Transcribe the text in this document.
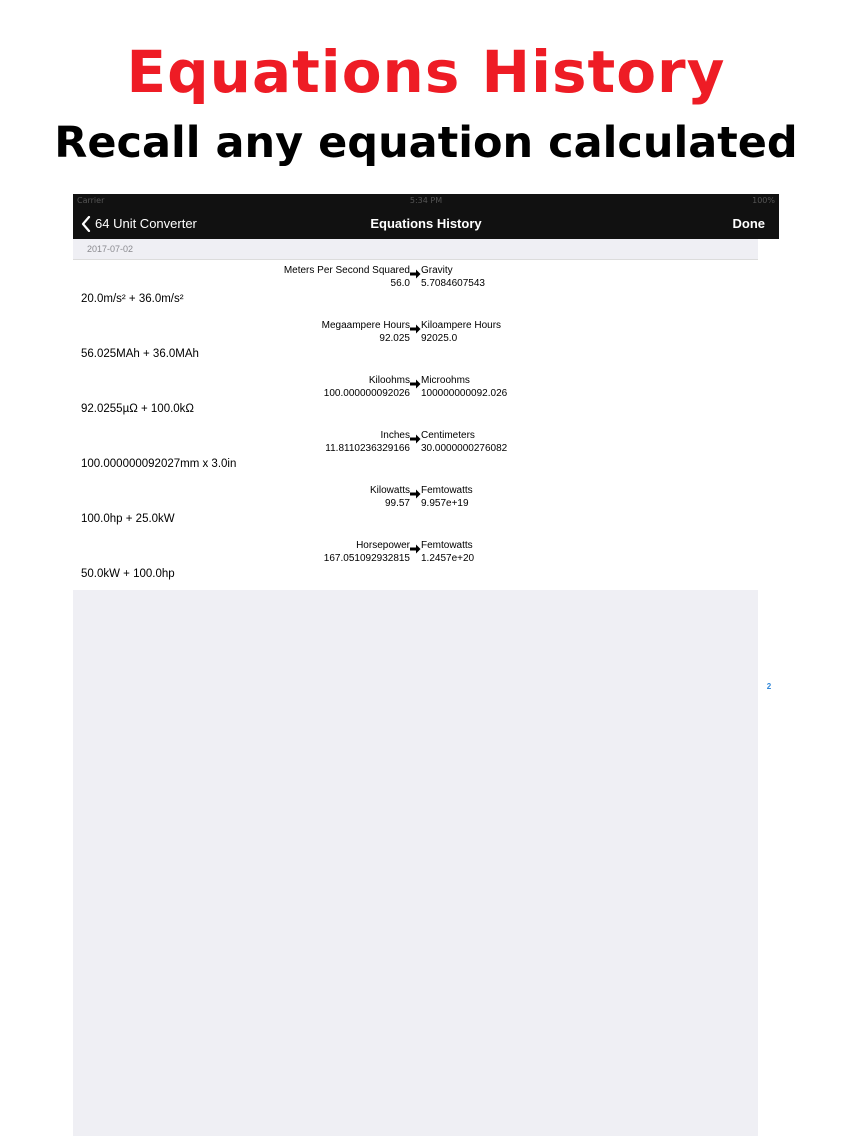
Equations History
Recall any equation calculated
Carrier	5:34 PM	100%
64 Unit Converter	Equations History	Done
2017-07-02
Meters Per Second Squared
56.0
Gravity
5.7084607543
20.0m/s² + 36.0m/s²
Megaampere Hours
92.025
Kiloampere Hours
92025.0
56.025MAh + 36.0MAh
Kiloohms
100.000000092026
Microohms
100000000092.026
92.0255µΩ + 100.0kΩ
Inches
11.8110236329166
Centimeters
30.0000000276082
100.000000092027mm x 3.0in
Kilowatts
99.57
Femtowatts
9.957e+19
100.0hp + 25.0kW
Horsepower
167.051092932815
Femtowatts
1.2457e+20
50.0kW + 100.0hp
2
